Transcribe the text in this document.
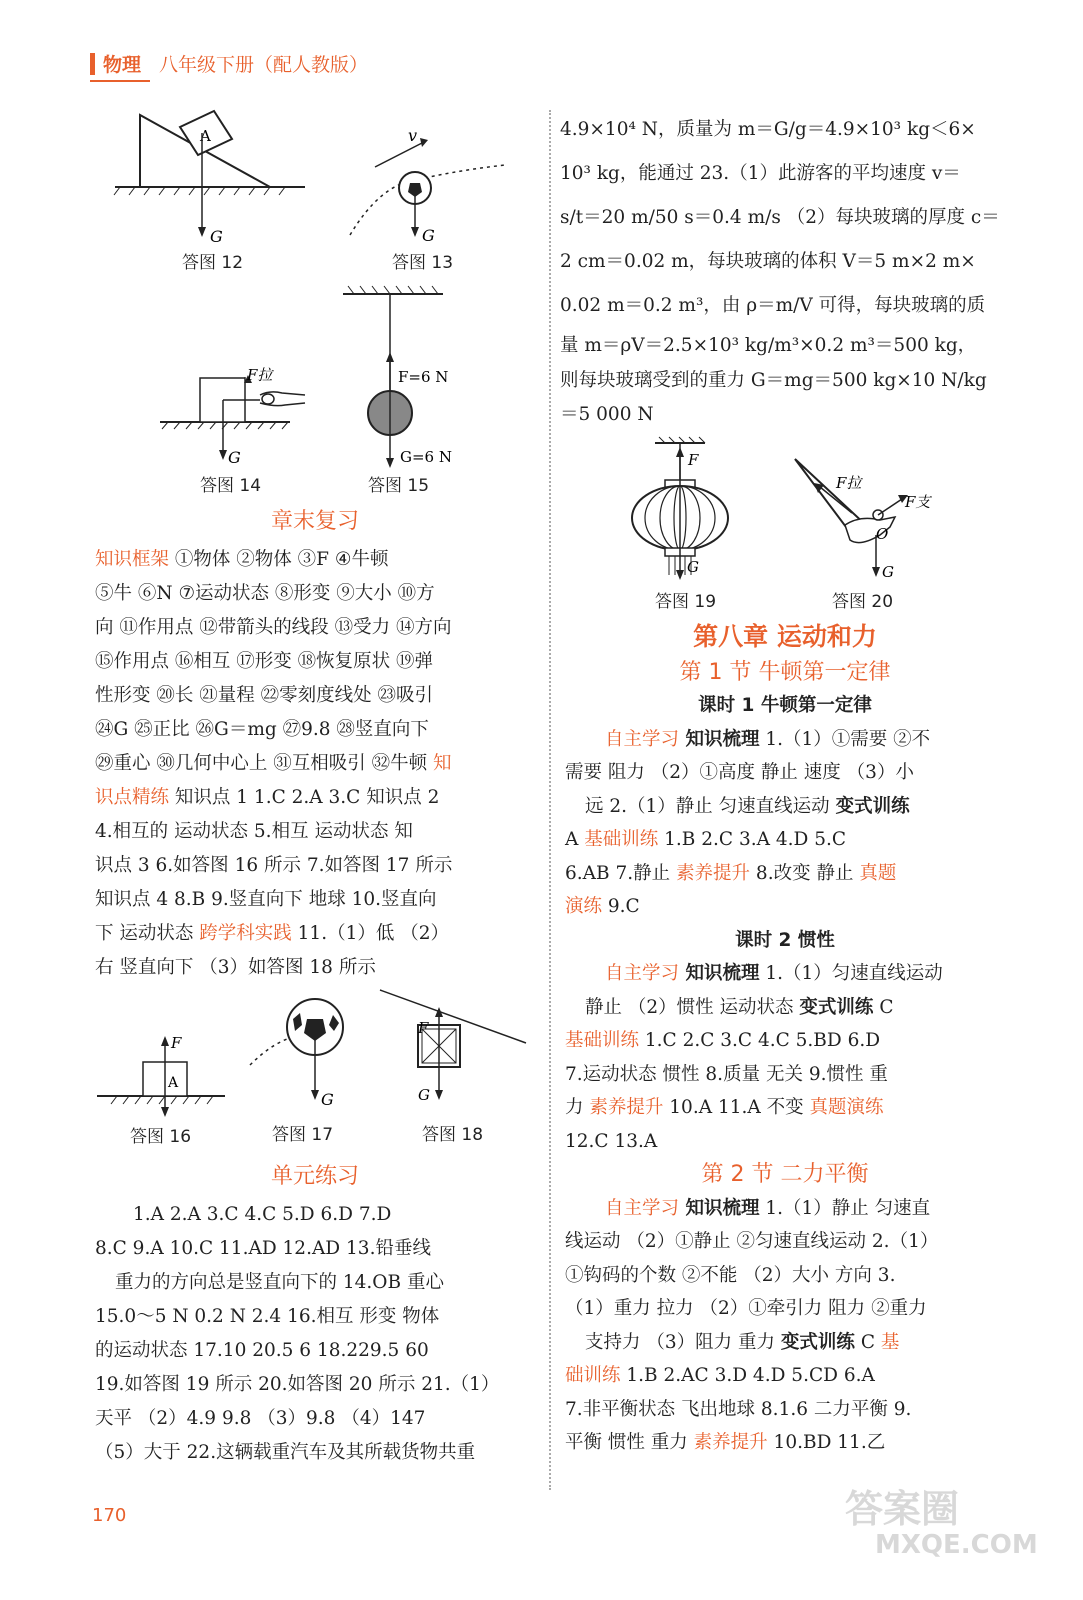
物理 八年级下册（配人教版）
A
G
答图 12
v
G
答图 13
F拉
G
答图 14
F=6 N
G=6 N
答图 15

章末复习

知识框架 ①物体 ②物体 ③F ④牛顿

⑤牛 ⑥N ⑦运动状态 ⑧形变 ⑨大小 ⑩方

向 ⑪作用点 ⑫带箭头的线段 ⑬受力 ⑭方向

⑮作用点 ⑯相互 ⑰形变 ⑱恢复原状 ⑲弹

性形变 ⑳长 ㉑量程 ㉒零刻度线处 ㉓吸引

㉔G ㉕正比 ㉖G＝mg ㉗9.8 ㉘竖直向下

㉙重心 ㉚几何中心上 ㉛互相吸引 ㉜牛顿 知

识点精练 知识点 1 1.C 2.A 3.C 知识点 2

4.相互的 运动状态 5.相互 运动状态 知

识点 3 6.如答图 16 所示 7.如答图 17 所示

知识点 4 8.B 9.竖直向下 地球 10.竖直向

下 运动状态 跨学科实践 11.（1）低 （2）

右 竖直向下 （3）如答图 18 所示

A
F
答图 16
G
答图 17
F
G
答图 18

单元练习

1.A 2.A 3.C 4.C 5.D 6.D 7.D

8.C 9.A 10.C 11.AD 12.AD 13.铅垂线

重力的方向总是竖直向下的 14.OB 重心

15.0～5 N 0.2 N 2.4 16.相互 形变 物体

的运动状态 17.10 20.5 6 18.229.5 60

19.如答图 19 所示 20.如答图 20 所示 21.（1）

天平 （2）4.9 9.8 （3）9.8 （4）147

（5）大于 22.这辆载重汽车及其所载货物共重

4.9×10⁴ N，质量为 m＝G/g＝4.9×10³ kg＜6×

10³ kg，能通过 23.（1）此游客的平均速度 v＝

s/t＝20 m/50 s＝0.4 m/s （2）每块玻璃的厚度 c＝

2 cm＝0.02 m，每块玻璃的体积 V＝5 m×2 m×

0.02 m＝0.2 m³，由 ρ＝m/V 可得，每块玻璃的质

量 m＝ρV＝2.5×10³ kg/m³×0.2 m³＝500 kg，

则每块玻璃受到的重力 G＝mg＝500 kg×10 N/kg

＝5 000 N

F
G
答图 19
F拉
F支
O
G
答图 20

第八章 运动和力

第 1 节 牛顿第一定律

课时 1 牛顿第一定律

自主学习 知识梳理 1.（1）①需要 ②不

需要 阻力 （2）①高度 静止 速度 （3）小

远 2.（1）静止 匀速直线运动 变式训练

A 基础训练 1.B 2.C 3.A 4.D 5.C

6.AB 7.静止 素养提升 8.改变 静止 真题

演练 9.C

课时 2 惯性

自主学习 知识梳理 1.（1）匀速直线运动

静止 （2）惯性 运动状态 变式训练 C

基础训练 1.C 2.C 3.C 4.C 5.BD 6.D

7.运动状态 惯性 8.质量 无关 9.惯性 重

力 素养提升 10.A 11.A 不变 真题演练

12.C 13.A

第 2 节 二力平衡

自主学习 知识梳理 1.（1）静止 匀速直

线运动 （2）①静止 ②匀速直线运动 2.（1）

①钩码的个数 ②不能 （2）大小 方向 3.

（1）重力 拉力 （2）①牵引力 阻力 ②重力

支持力 （3）阻力 重力 变式训练 C 基

础训练 1.B 2.AC 3.D 4.D 5.CD 6.A

7.非平衡状态 飞出地球 8.1.6 二力平衡 9.

平衡 惯性 重力 素养提升 10.BD 11.乙

170	答案圈
MXQE.COM
